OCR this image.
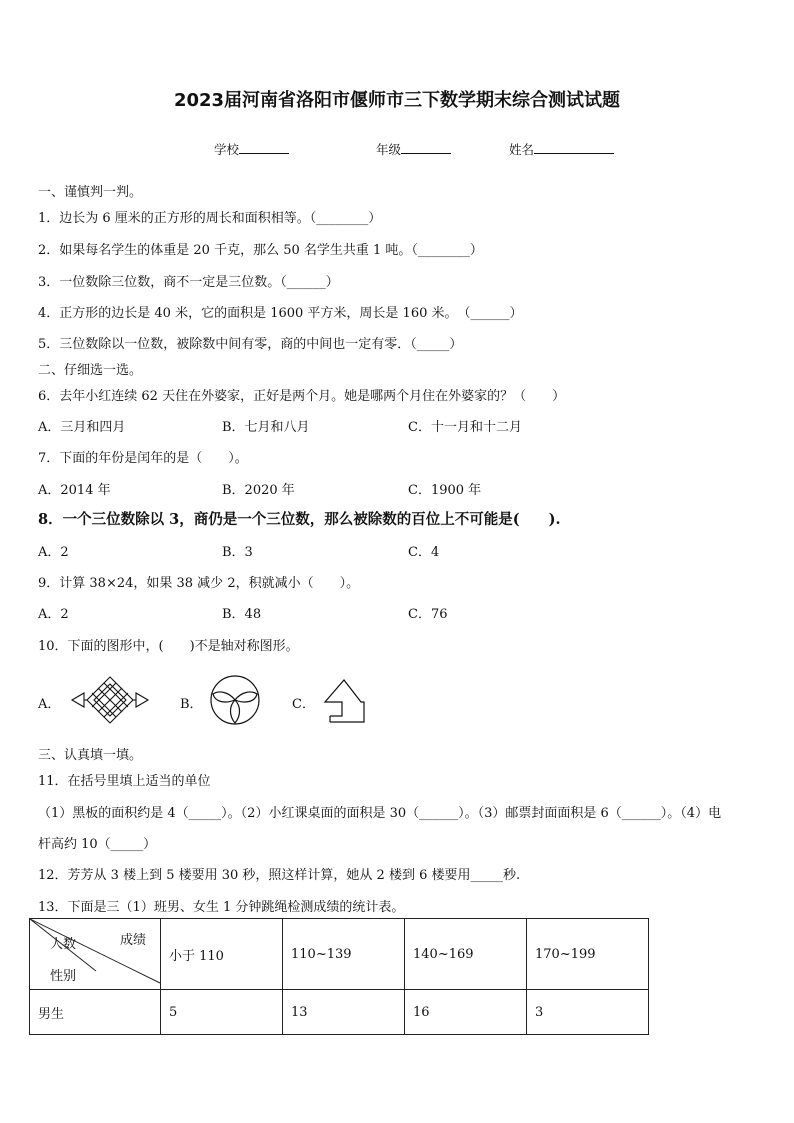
2023届河南省洛阳市偃师市三下数学期末综合测试试题
学校	年级	姓名
一、谨慎判一判。
1．边长为 6 厘米的正方形的周长和面积相等。（________）
2．如果每名学生的体重是 20 千克，那么 50 名学生共重 1 吨。（________）
3．一位数除三位数，商不一定是三位数。（______）
4．正方形的边长是 40 米，它的面积是 1600 平方米，周长是 160 米。　（______）
5．三位数除以一位数，被除数中间有零，商的中间也一定有零．（_____）
二、仔细选一选。
6．去年小红连续 62 天住在外婆家，正好是两个月。她是哪两个月住在外婆家的？（　　）
A．三月和四月	B．七月和八月	C．十一月和十二月
7．下面的年份是闰年的是（　　）。
A．2014 年	B．2020 年	C．1900 年
8．一个三位数除以 3，商仍是一个三位数，那么被除数的百位上不可能是(　　).
A．2	B．3	C．4
9．计算 38×24，如果 38 减少 2，积就减小（　　）。
A．2	B．48	C．76
10．下面的图形中，(　　)不是轴对称图形。
A．	B．	C．
三、认真填一填。
11．在括号里填上适当的单位
（1）黑板的面积约是 4（_____）。（2）小红课桌面的面积是 30（______）。（3）邮票封面面积是 6（______）。（4）电
杆高约 10（_____）
12．芳芳从 3 楼上到 5 楼要用 30 秒，照这样计算，她从 2 楼到 6 楼要用_____秒.
13．下面是三（1）班男、女生 1 分钟跳绳检测成绩的统计表。
人数 成绩
性别	小于 110	110~139	140~169	170~199
男生	5	13	16	3
